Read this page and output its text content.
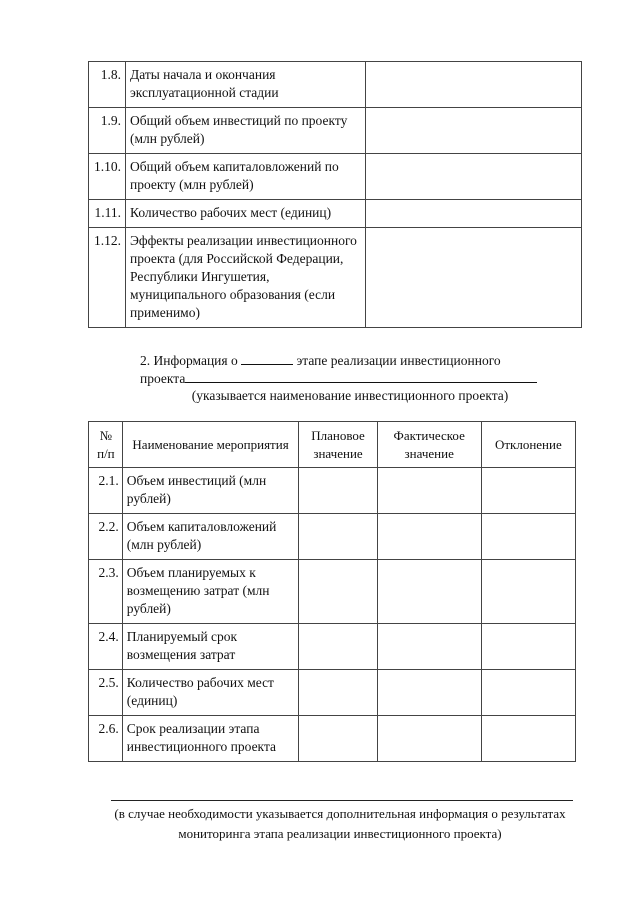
1.8.	Даты начала и окончания эксплуатационной стадии	
1.9.	Общий объем инвестиций по проекту (млн рублей)	
1.10.	Общий объем капиталовложений по проекту (млн рублей)	
1.11.	Количество рабочих мест (единиц)	
1.12.	Эффекты реализации инвестиционного проекта (для Российской Федерации, Республики Ингушетия, муниципального образования (если применимо)	
2. Информация о	этапе реализации инвестиционного
проекта
(указывается наименование инвестиционного проекта)
№ п/п	Наименование мероприятия	Плановое значение	Фактическое значение	Отклонение
2.1.	Объем инвестиций (млн рублей)			
2.2.	Объем капиталовложений (млн рублей)			
2.3.	Объем планируемых к возмещению затрат (млн рублей)			
2.4.	Планируемый срок возмещения затрат			
2.5.	Количество рабочих мест (единиц)			
2.6.	Срок реализации этапа инвестиционного проекта			
(в случае необходимости указывается дополнительная информация о результатах мониторинга этапа реализации инвестиционного проекта)
